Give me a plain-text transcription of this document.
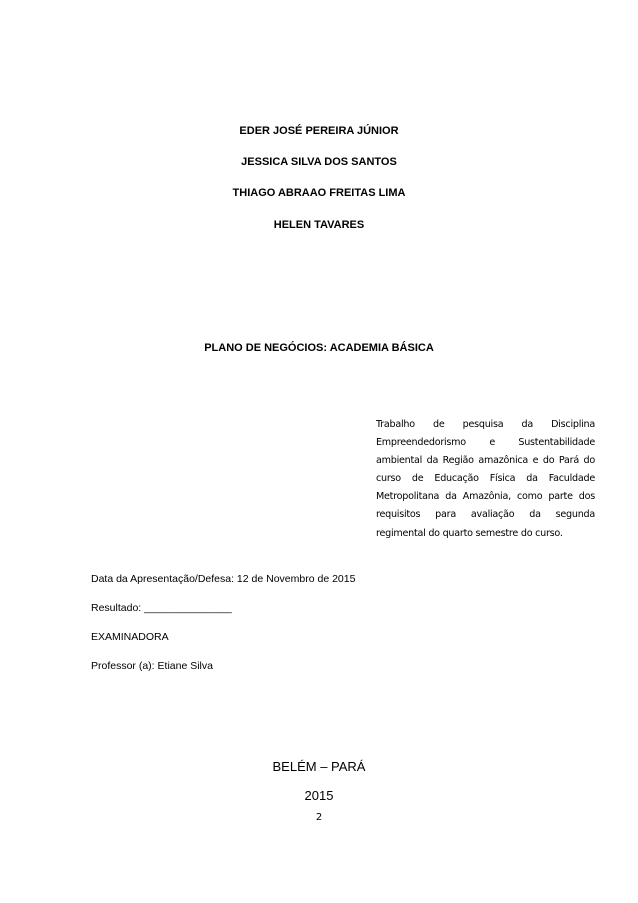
EDER JOSÉ PEREIRA JÚNIOR
JESSICA SILVA DOS SANTOS
THIAGO ABRAAO FREITAS LIMA
HELEN TAVARES
PLANO DE NEGÓCIOS: ACADEMIA BÁSICA
Trabalho de pesquisa da Disciplina Empreendedorismo e Sustentabilidade ambiental da Região amazônica e do Pará do curso de Educação Física da Faculdade Metropolitana da Amazônia, como parte dos requisitos para avaliação da segunda regimental do quarto semestre do curso.
Data da Apresentação/Defesa: 12 de Novembro de 2015
Resultado: _______________
EXAMINADORA
Professor (a): Etiane Silva
BELÉM – PARÁ
2015
2
